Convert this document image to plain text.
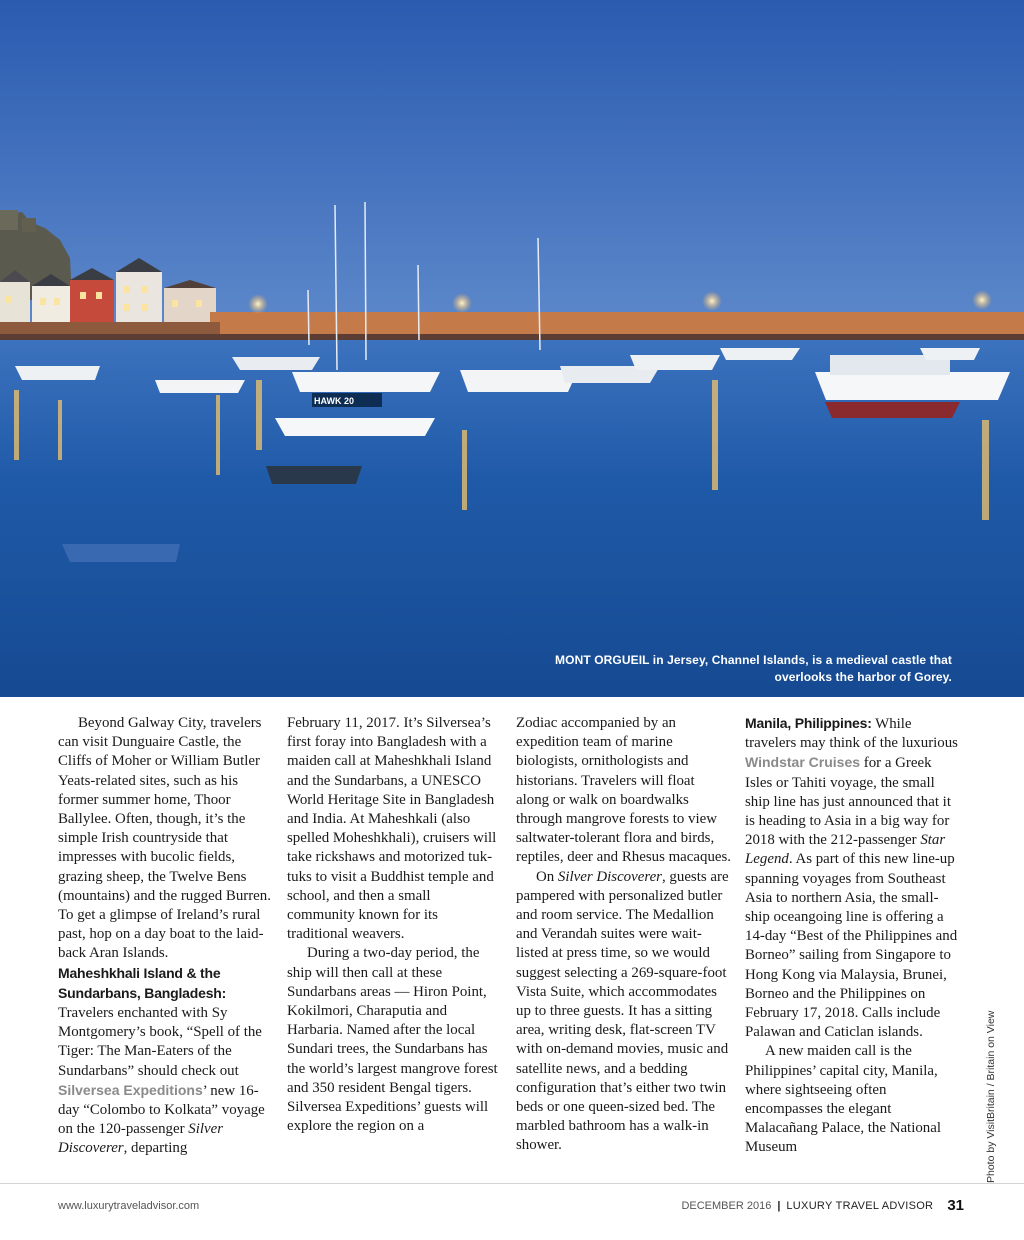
HAWK 20
MONT ORGUEIL in Jersey, Channel Islands, is a medieval castle that overlooks the harbor of Gorey.

Beyond Galway City, travelers can visit Dunguaire Castle, the Cliffs of Moher or William Butler Yeats-related sites, such as his former summer home, Thoor Ballylee. Often, though, it’s the simple Irish countryside that impresses with bucolic fields, grazing sheep, the Twelve Bens (mountains) and the rugged Burren. To get a glimpse of Ireland’s rural past, hop on a day boat to the laid-back Aran Islands.

Maheshkhali Island & the Sundarbans, Bangladesh: Travelers enchanted with Sy Montgomery’s book, “Spell of the Tiger: The Man-Eaters of the Sundarbans” should check out Silversea Expeditions’ new 16-day “Colombo to Kolkata” voyage on the 120-passenger Silver Discoverer, departing

February 11, 2017. It’s Silversea’s first foray into Bangladesh with a maiden call at Maheshkhali Island and the Sundarbans, a UNESCO World Heritage Site in Bangladesh and India. At Maheshkali (also spelled Moheshkhali), cruisers will take rickshaws and motorized tuk-tuks to visit a Buddhist temple and school, and then a small community known for its traditional weavers.

During a two-day period, the ship will then call at these Sundarbans areas — Hiron Point, Kokilmori, Charaputia and Harbaria. Named after the local Sundari trees, the Sundarbans has the world’s largest mangrove forest and 350 resident Bengal tigers. Silversea Expeditions’ guests will explore the region on a

Zodiac accompanied by an expedition team of marine biologists, ornithologists and historians. Travelers will float along or walk on boardwalks through mangrove forests to view saltwater-tolerant flora and birds, reptiles, deer and Rhesus macaques.

On Silver Discoverer, guests are pampered with personalized butler and room service. The Medallion and Verandah suites were wait-listed at press time, so we would suggest selecting a 269-square-foot Vista Suite, which accommodates up to three guests. It has a sitting area, writing desk, flat-screen TV with on-demand movies, music and satellite news, and a bedding configuration that’s either two twin beds or one queen-sized bed. The marbled bathroom has a walk-in shower.

Manila, Philippines: While travelers may think of the luxurious Windstar Cruises for a Greek Isles or Tahiti voyage, the small ship line has just announced that it is heading to Asia in a big way for 2018 with the 212-passenger Star Legend. As part of this new line-up spanning voyages from Southeast Asia to northern Asia, the small-ship oceangoing line is offering a 14-day “Best of the Philippines and Borneo” sailing from Singapore to Hong Kong via Malaysia, Brunei, Borneo and the Philippines on February 17, 2018. Calls include Palawan and Caticlan islands.

A new maiden call is the Philippines’ capital city, Manila, where sightseeing often encompasses the elegant Malacañang Palace, the National Museum	Photo by VisitBritain / Britain on View
www.luxurytraveladvisor.com	DECEMBER 2016 | LUXURY TRAVEL ADVISOR 31
